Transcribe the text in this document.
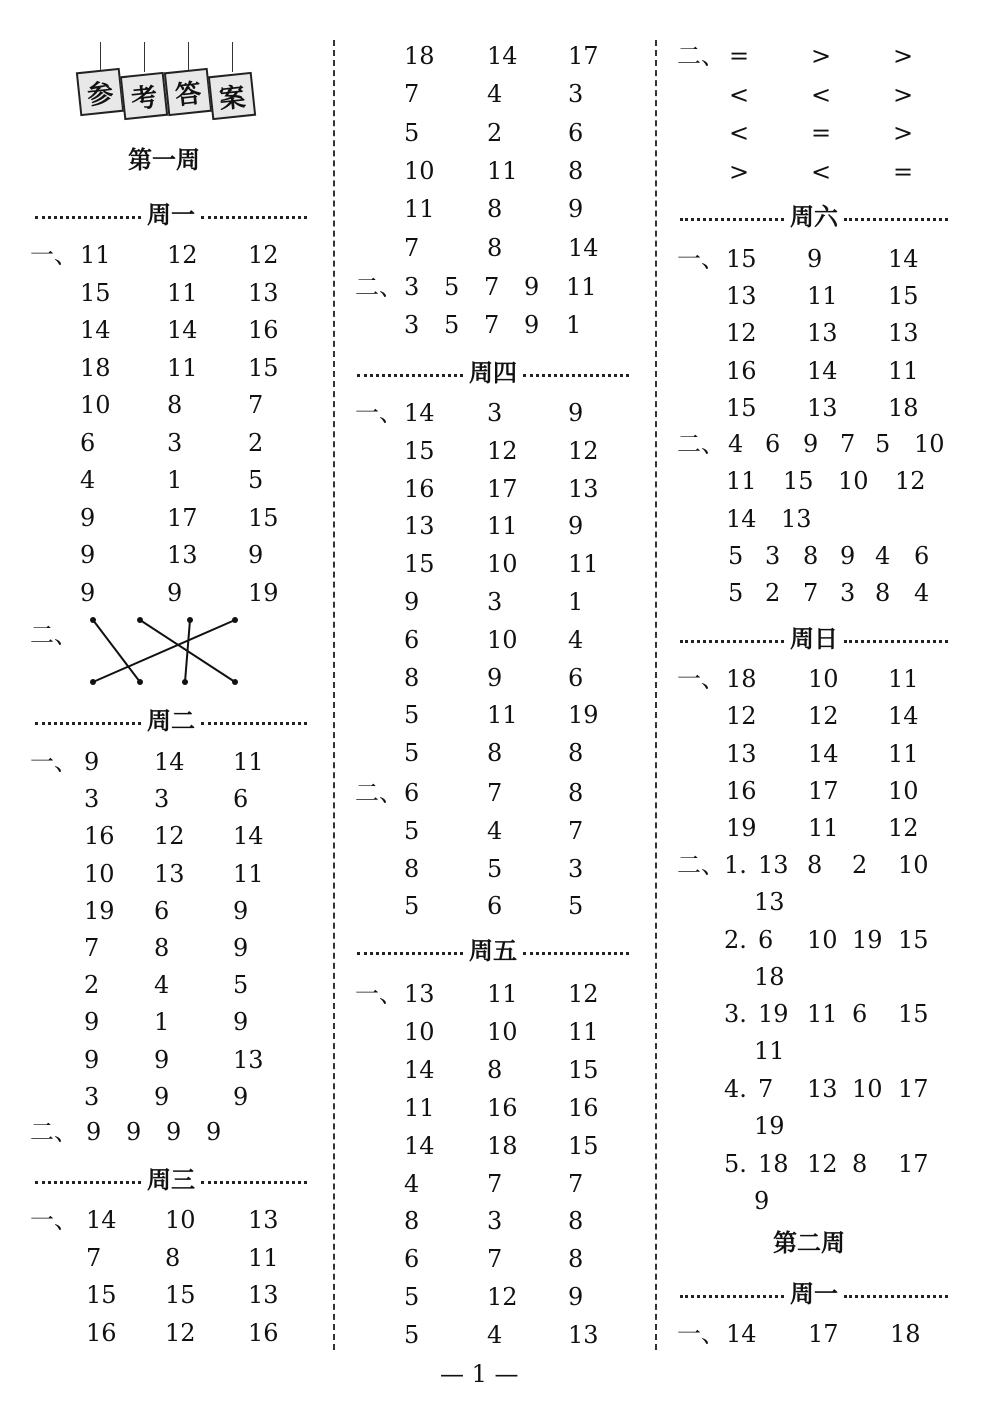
参 考 答 案
第一周
周一
一、 11 12 12
15 11 13
14 14 16
18 11 15
10 8	7
6	3	2
4	1	5
9	17 15
9	13 9
9	9	19
二、
周二
一、 9 14 11
3 3	6
16 12 14
10 13 11
19 6	9
7 8	9
2 4	5
9 1	9
9 9	13
3 9	9
二、 9 9 9 9
周三
一、 14 10 13
7	8	11
15 15 13
16 12 16
18 14 17
7	4	3
5	2	6
10 11 8
11 8	9
7	8	14
二、 3 5 7 9 11
3 5 7 9 1
周四
一、 14 3	9
15 12 12
16 17 13
13 11 9
15 10 11
9	3	1
6	10 4
8	9	6
5	11 19
5	8	8
二、 6	7	8
5	4	7
8	5	3
5	6	5
周五
一、 13 11 12
10 10 11
14 8	15
11 16 16
14 18 15
4	7	7
8	3	8
6	7	8
5	12 9
5	4	13
二、 =	>	>
<	<	>
<	=	>
>	<	=
周六
一、 15 9	14
13 11 15
12 13 13
16 14 11
15 13 18
二、 4 6 9 7 5 10
11 15 10 12
14 13
5 3 8 9 4 6
5 2 7 3 8 4
周日
一、 18 10 11
12 12 14
13 14 11
16 17 10
19 11 12
二、 1. 13 8 2 10
13
2. 6 10 19 15
18
3. 19 11 6 15
11
4. 7 13 10 17
19
5. 18 12 8 17
9
第二周
周一
一、 14 17 18
— 1 —
